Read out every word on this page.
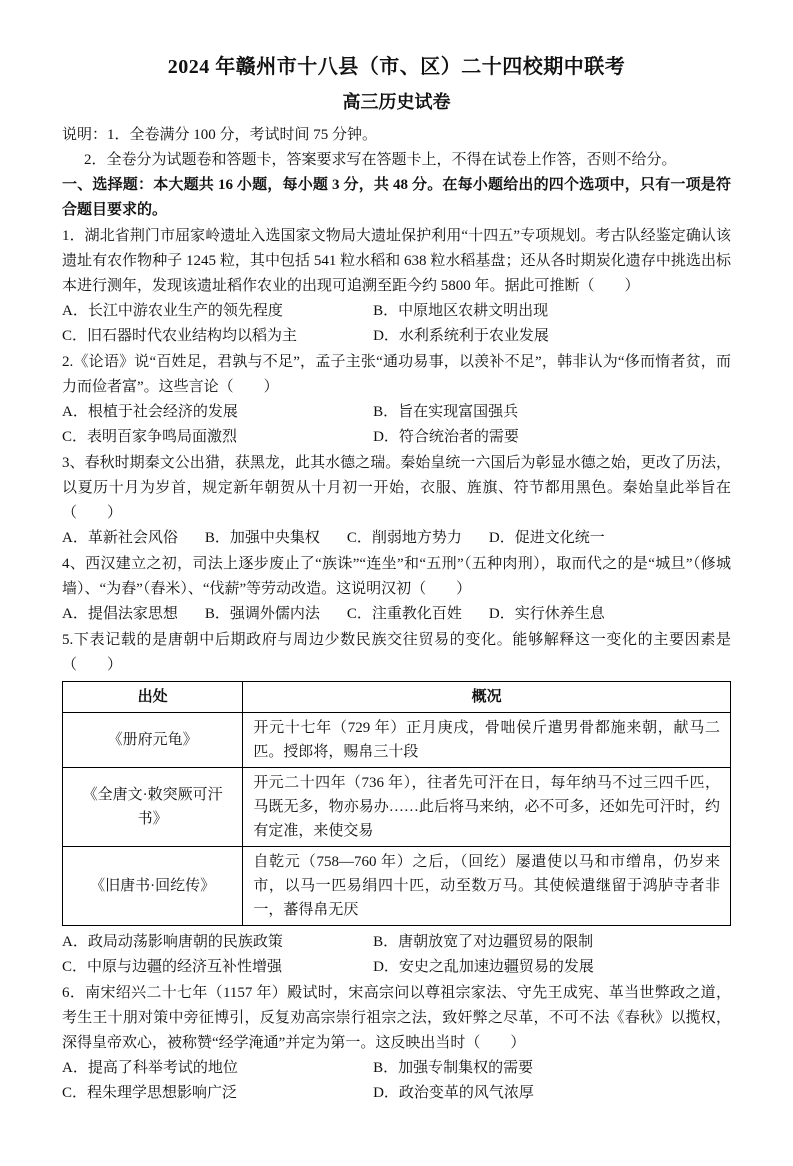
2024 年赣州市十八县（市、区）二十四校期中联考
高三历史试卷

说明：1．全卷满分 100 分，考试时间 75 分钟。

2．全卷分为试题卷和答题卡，答案要求写在答题卡上，不得在试卷上作答，否则不给分。

一、选择题：本大题共 16 小题，每小题 3 分，共 48 分。在每小题给出的四个选项中，只有一项是符合题目要求的。

1．湖北省荆门市屈家岭遗址入选国家文物局大遗址保护利用“十四五”专项规划。考古队经鉴定确认该遗址有农作物种子 1245 粒，其中包括 541 粒水稻和 638 粒水稻基盘；还从各时期炭化遗存中挑选出标本进行测年，发现该遗址稻作农业的出现可追溯至距今约 5800 年。据此可推断（　　）

A．长江中游农业生产的领先程度	B．中原地区农耕文明出现
C．旧石器时代农业结构均以稻为主	D．水利系统利于农业发展

2.《论语》说“百姓足，君孰与不足”，孟子主张“通功易事，以羡补不足”，韩非认为“侈而惰者贫，而力而俭者富”。这些言论（　　）

A．根植于社会经济的发展	B．旨在实现富国强兵
C．表明百家争鸣局面激烈	D．符合统治者的需要

3、春秋时期秦文公出猎，获黑龙，此其水德之瑞。秦始皇统一六国后为彰显水德之始，更改了历法，以夏历十月为岁首，规定新年朝贺从十月初一开始，衣服、旌旗、符节都用黑色。秦始皇此举旨在（　　）

A．革新社会风俗 B．加强中央集权 C．削弱地方势力 D．促进文化统一

4、西汉建立之初，司法上逐步废止了“族诛”“连坐”和“五刑”（五种肉刑），取而代之的是“城旦”（修城墙）、“为舂”（舂米）、“伐薪”等劳动改造。这说明汉初（　　）

A．提倡法家思想 B．强调外儒内法 C．注重教化百姓 D．实行休养生息

5.下表记载的是唐朝中后期政府与周边少数民族交往贸易的变化。能够解释这一变化的主要因素是（　　）

出处	概况
《册府元龟》	开元十七年（729 年）正月庚戌，骨咄侯斤遣男骨都施来朝，献马二匹。授郎将，赐帛三十段
《全唐文·敕突厥可汗书》	开元二十四年（736 年），往者先可汗在日，每年纳马不过三四千匹，马既无多，物亦易办……此后将马来纳，必不可多，还如先可汗时，约有定准，来使交易
《旧唐书·回纥传》	自乾元（758—760 年）之后，（回纥）屡遣使以马和市缯帛，仍岁来市，以马一匹易绢四十匹，动至数万马。其使候遣继留于鸿胪寺者非一，蕃得帛无厌
A．政局动荡影响唐朝的民族政策	B．唐朝放宽了对边疆贸易的限制
C．中原与边疆的经济互补性增强	D．安史之乱加速边疆贸易的发展

6．南宋绍兴二十七年（1157 年）殿试时，宋高宗问以尊祖宗家法、守先王成宪、革当世弊政之道，考生王十朋对策中旁征博引，反复劝高宗崇行祖宗之法，致奸弊之尽革，不可不法《春秋》以揽权，深得皇帝欢心，被称赞“经学淹通”并定为第一。这反映出当时（　　）

A．提高了科举考试的地位	B．加强专制集权的需要
C．程朱理学思想影响广泛	D．政治变革的风气浓厚
